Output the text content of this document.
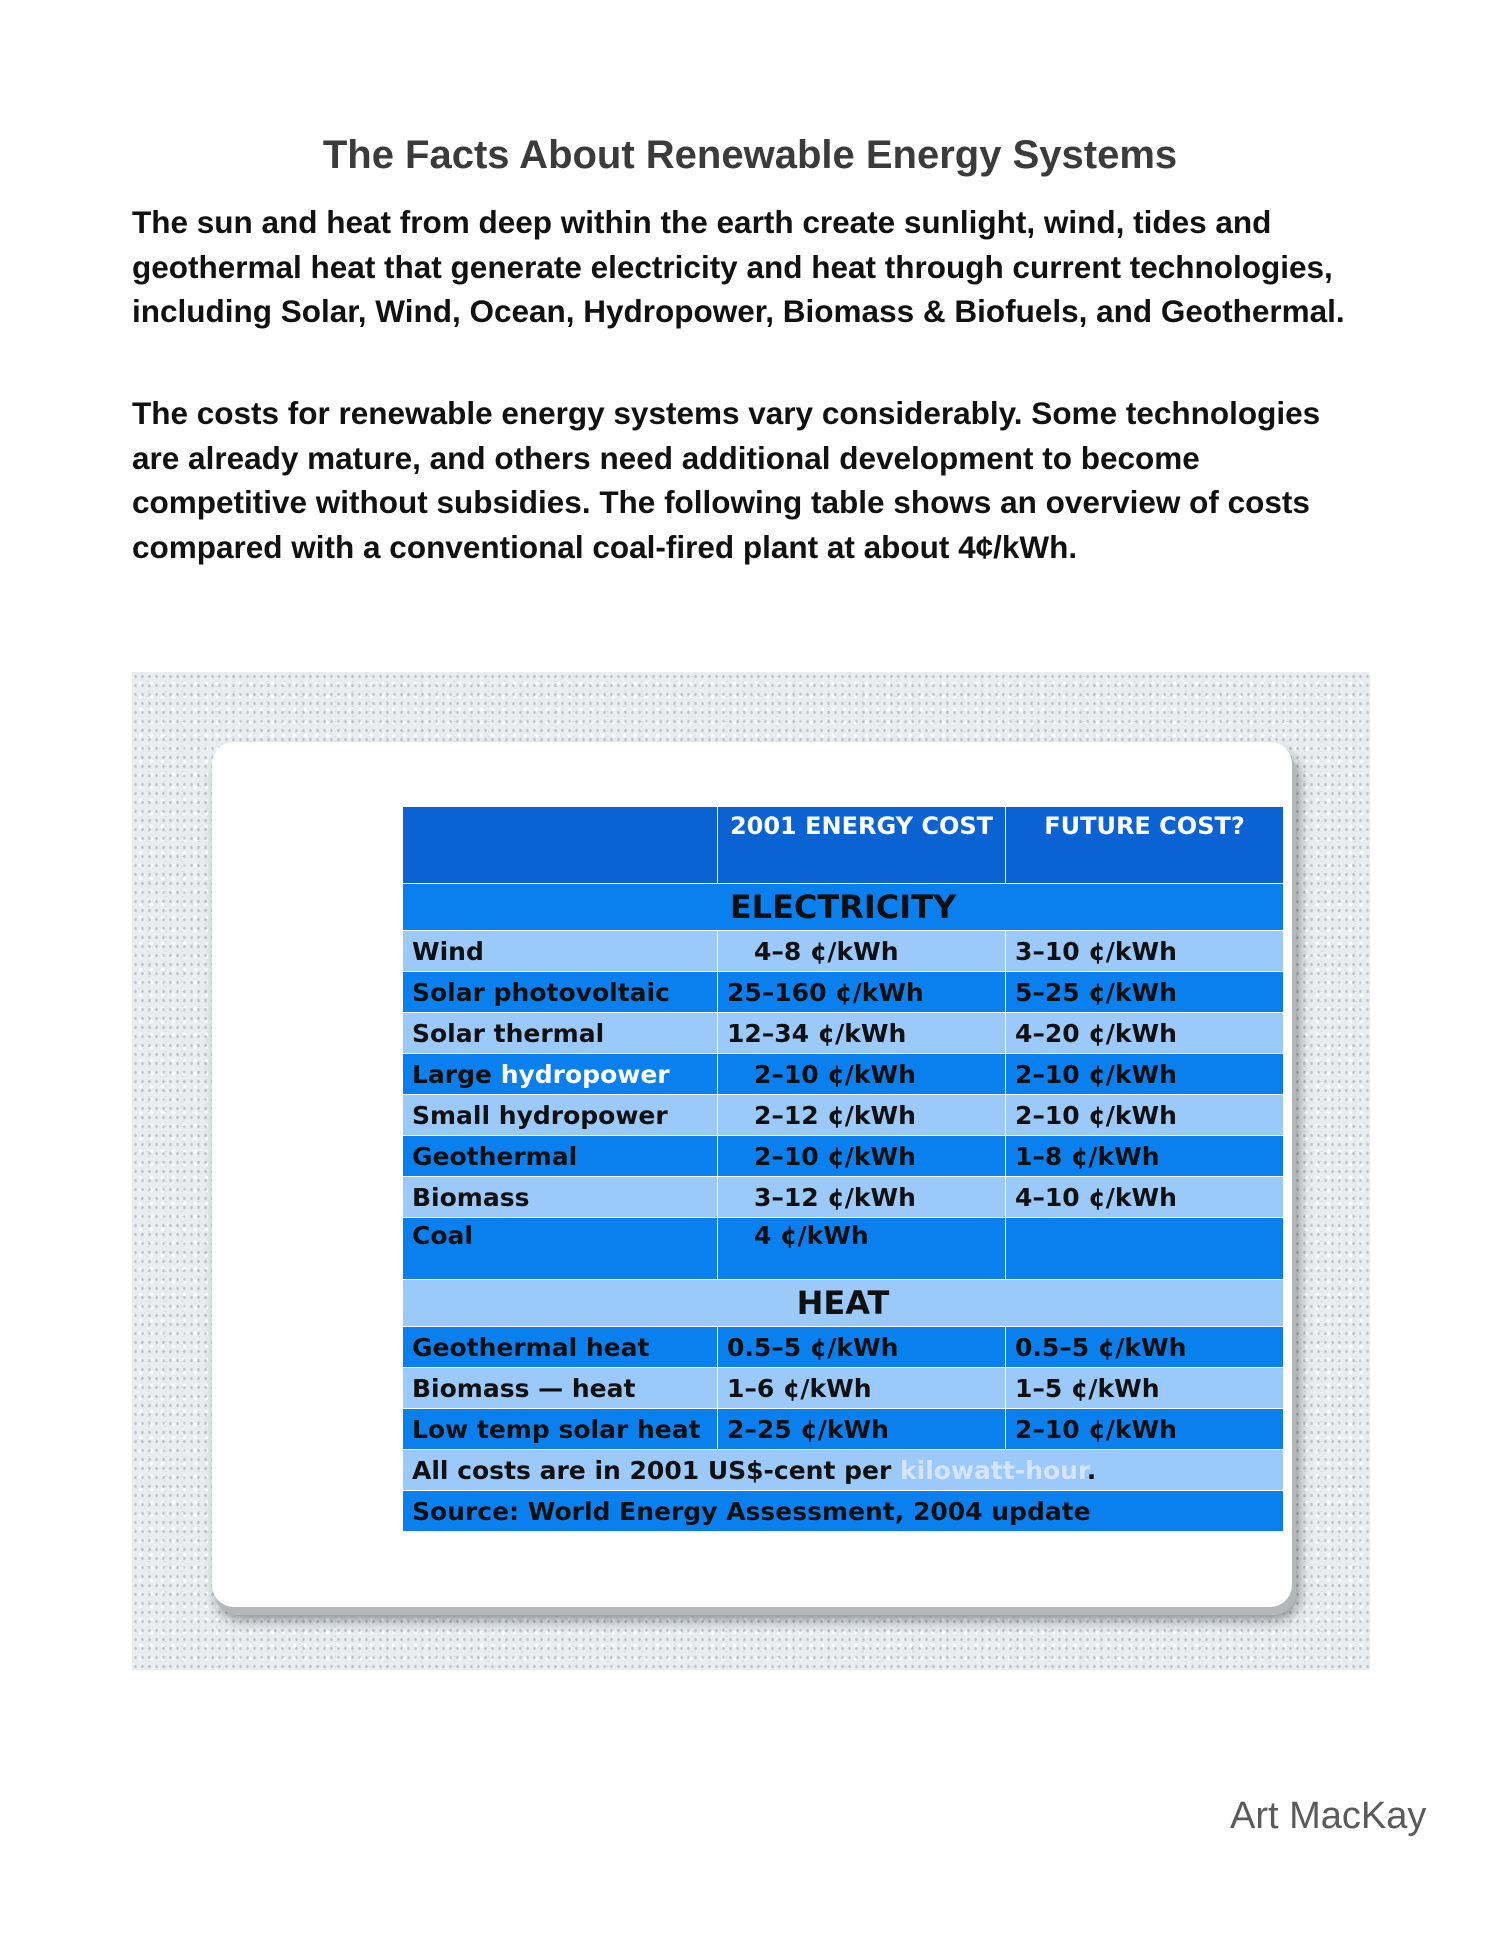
The Facts About Renewable Energy Systems

The sun and heat from deep within the earth create sunlight, wind, tides and geothermal heat that generate electricity and heat through current technologies, including Solar, Wind, Ocean, Hydropower, Biomass & Biofuels, and Geothermal.

The costs for renewable energy systems vary considerably. Some technologies are already mature, and others need additional development to become competitive without subsidies. The following table shows an overview of costs compared with a conventional coal-fired plant at about 4¢/kWh.

	2001 ENERGY COST	FUTURE COST?
ELECTRICITY		
Wind	4–8 ¢/kWh	3–10 ¢/kWh
Solar photovoltaic	25–160 ¢/kWh	5–25 ¢/kWh
Solar thermal	12–34 ¢/kWh	4–20 ¢/kWh
Large hydropower	2–10 ¢/kWh	2–10 ¢/kWh
Small hydropower	2–12 ¢/kWh	2–10 ¢/kWh
Geothermal	2–10 ¢/kWh	1–8 ¢/kWh
Biomass	3–12 ¢/kWh	4–10 ¢/kWh
Coal	4 ¢/kWh	
HEAT		
Geothermal heat	0.5–5 ¢/kWh	0.5–5 ¢/kWh
Biomass — heat	1–6 ¢/kWh	1–5 ¢/kWh
Low temp solar heat	2–25 ¢/kWh	2–10 ¢/kWh
All costs are in 2001 US$-cent per kilowatt-hour.		
Source: World Energy Assessment, 2004 update		
Art MacKay
